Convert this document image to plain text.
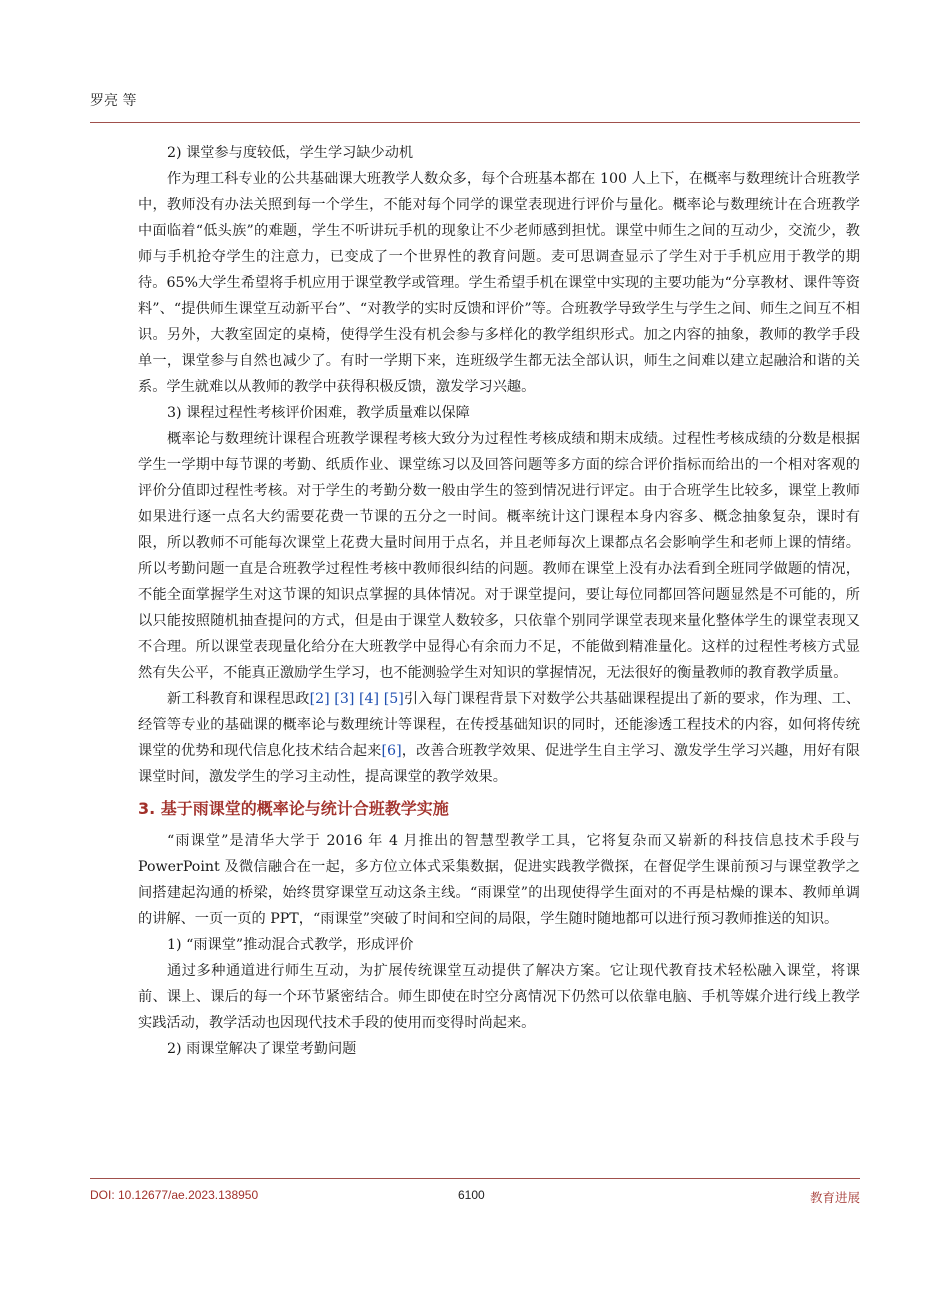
罗亮 等

2) 课堂参与度较低，学生学习缺少动机

作为理工科专业的公共基础课大班教学人数众多，每个合班基本都在 100 人上下，在概率与数理统计合班教学中，教师没有办法关照到每一个学生，不能对每个同学的课堂表现进行评价与量化。概率论与数理统计在合班教学中面临着“低头族”的难题，学生不听讲玩手机的现象让不少老师感到担忧。课堂中师生之间的互动少，交流少，教师与手机抢夺学生的注意力，已变成了一个世界性的教育问题。麦可思调查显示了学生对于手机应用于教学的期待。65%大学生希望将手机应用于课堂教学或管理。学生希望手机在课堂中实现的主要功能为“分享教材、课件等资料”、“提供师生课堂互动新平台”、“对教学的实时反馈和评价”等。合班教学导致学生与学生之间、师生之间互不相识。另外，大教室固定的桌椅，使得学生没有机会参与多样化的教学组织形式。加之内容的抽象，教师的教学手段单一，课堂参与自然也减少了。有时一学期下来，连班级学生都无法全部认识，师生之间难以建立起融洽和谐的关系。学生就难以从教师的教学中获得积极反馈，激发学习兴趣。

3) 课程过程性考核评价困难，教学质量难以保障

概率论与数理统计课程合班教学课程考核大致分为过程性考核成绩和期末成绩。过程性考核成绩的分数是根据学生一学期中每节课的考勤、纸质作业、课堂练习以及回答问题等多方面的综合评价指标而给出的一个相对客观的评价分值即过程性考核。对于学生的考勤分数一般由学生的签到情况进行评定。由于合班学生比较多，课堂上教师如果进行逐一点名大约需要花费一节课的五分之一时间。概率统计这门课程本身内容多、概念抽象复杂，课时有限，所以教师不可能每次课堂上花费大量时间用于点名，并且老师每次上课都点名会影响学生和老师上课的情绪。所以考勤问题一直是合班教学过程性考核中教师很纠结的问题。教师在课堂上没有办法看到全班同学做题的情况，不能全面掌握学生对这节课的知识点掌握的具体情况。对于课堂提问，要让每位同都回答问题显然是不可能的，所以只能按照随机抽查提问的方式，但是由于课堂人数较多，只依靠个别同学课堂表现来量化整体学生的课堂表现又不合理。所以课堂表现量化给分在大班教学中显得心有余而力不足，不能做到精准量化。这样的过程性考核方式显然有失公平，不能真正激励学生学习，也不能测验学生对知识的掌握情况，无法很好的衡量教师的教育教学质量。

新工科教育和课程思政[2] [3] [4] [5]引入每门课程背景下对数学公共基础课程提出了新的要求，作为理、工、经管等专业的基础课的概率论与数理统计等课程，在传授基础知识的同时，还能渗透工程技术的内容，如何将传统课堂的优势和现代信息化技术结合起来[6]，改善合班教学效果、促进学生自主学习、激发学生学习兴趣，用好有限课堂时间，激发学生的学习主动性，提高课堂的教学效果。

3. 基于雨课堂的概率论与统计合班教学实施

“雨课堂”是清华大学于 2016 年 4 月推出的智慧型教学工具，它将复杂而又崭新的科技信息技术手段与 PowerPoint 及微信融合在一起，多方位立体式采集数据，促进实践教学微探，在督促学生课前预习与课堂教学之间搭建起沟通的桥梁，始终贯穿课堂互动这条主线。“雨课堂”的出现使得学生面对的不再是枯燥的课本、教师单调的讲解、一页一页的 PPT，“雨课堂”突破了时间和空间的局限，学生随时随地都可以进行预习教师推送的知识。

1) “雨课堂”推动混合式教学，形成评价

通过多种通道进行师生互动，为扩展传统课堂互动提供了解决方案。它让现代教育技术轻松融入课堂，将课前、课上、课后的每一个环节紧密结合。师生即使在时空分离情况下仍然可以依靠电脑、手机等媒介进行线上教学实践活动，教学活动也因现代技术手段的使用而变得时尚起来。

2) 雨课堂解决了课堂考勤问题

DOI: 10.12677/ae.2023.138950	6100	教育进展
